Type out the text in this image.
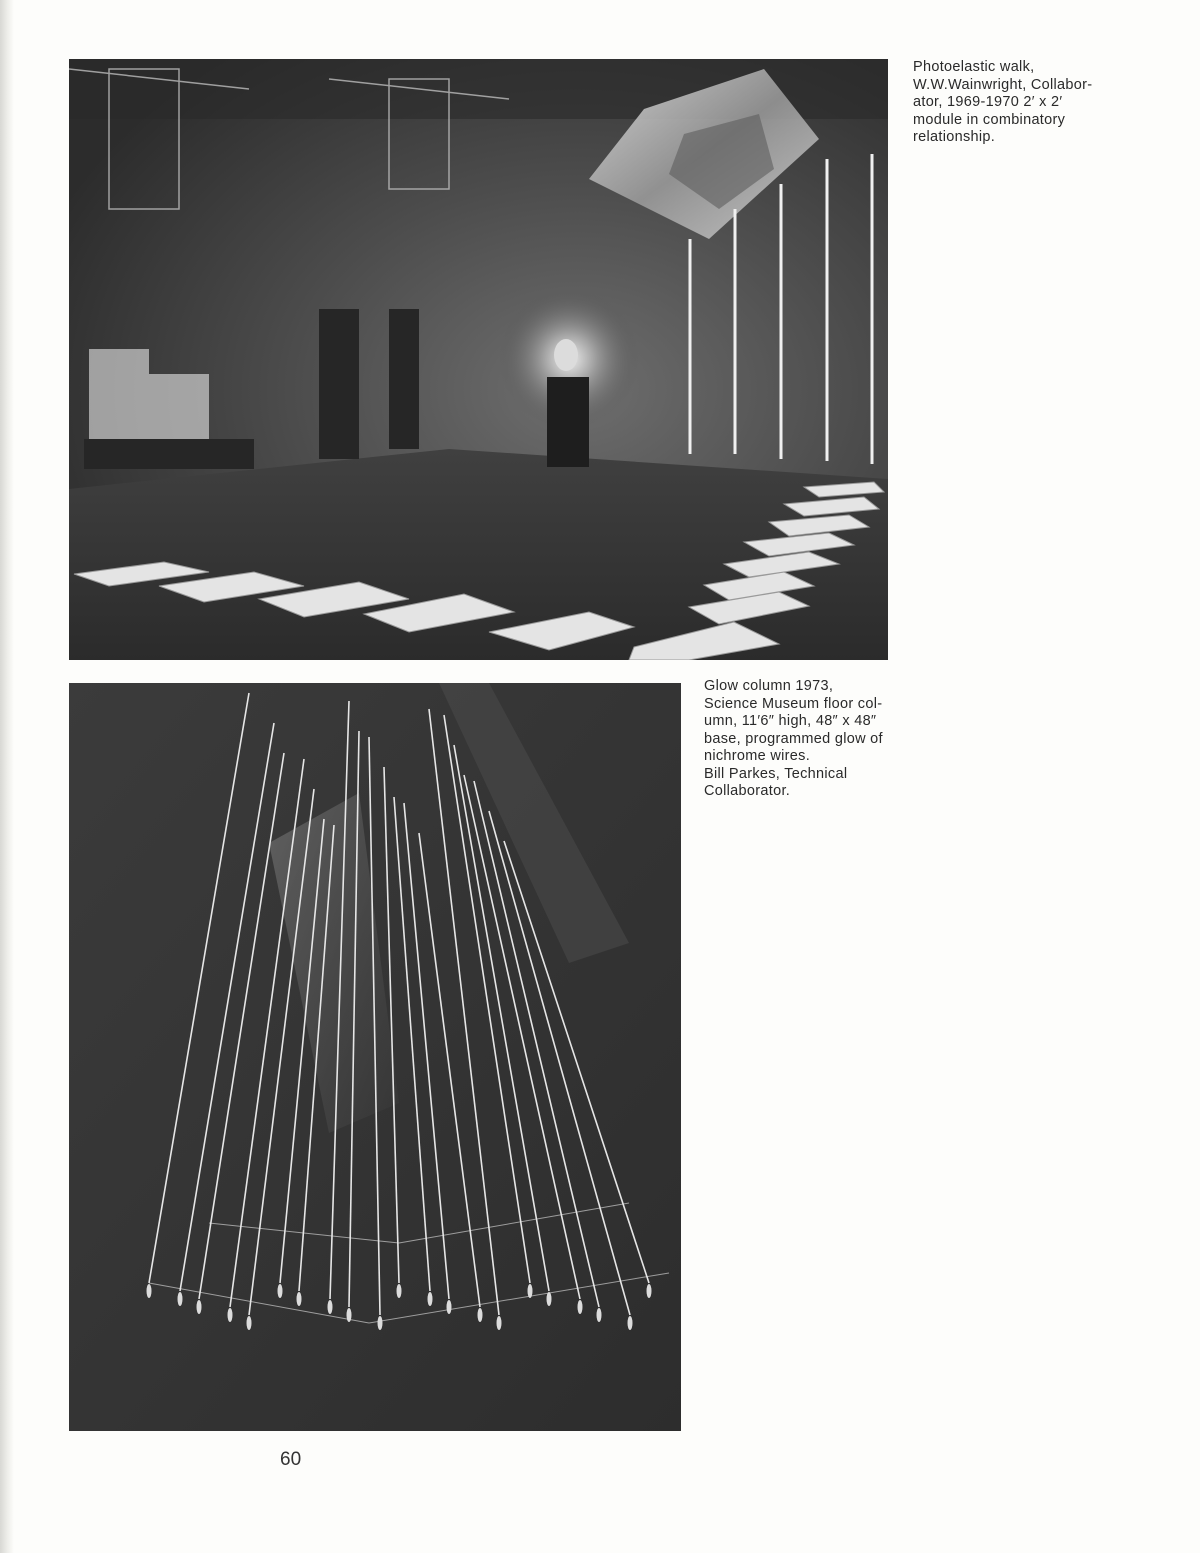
Photoelastic walk,

W.W.Wainwright, Collabor-

ator, 1969-1970 2′ x 2′

module in combinatory

relationship.

Glow column 1973,

Science Museum floor col-

umn, 11′6″ high, 48″ x 48″

base, programmed glow of

nichrome wires.

Bill Parkes, Technical

Collaborator.

60
